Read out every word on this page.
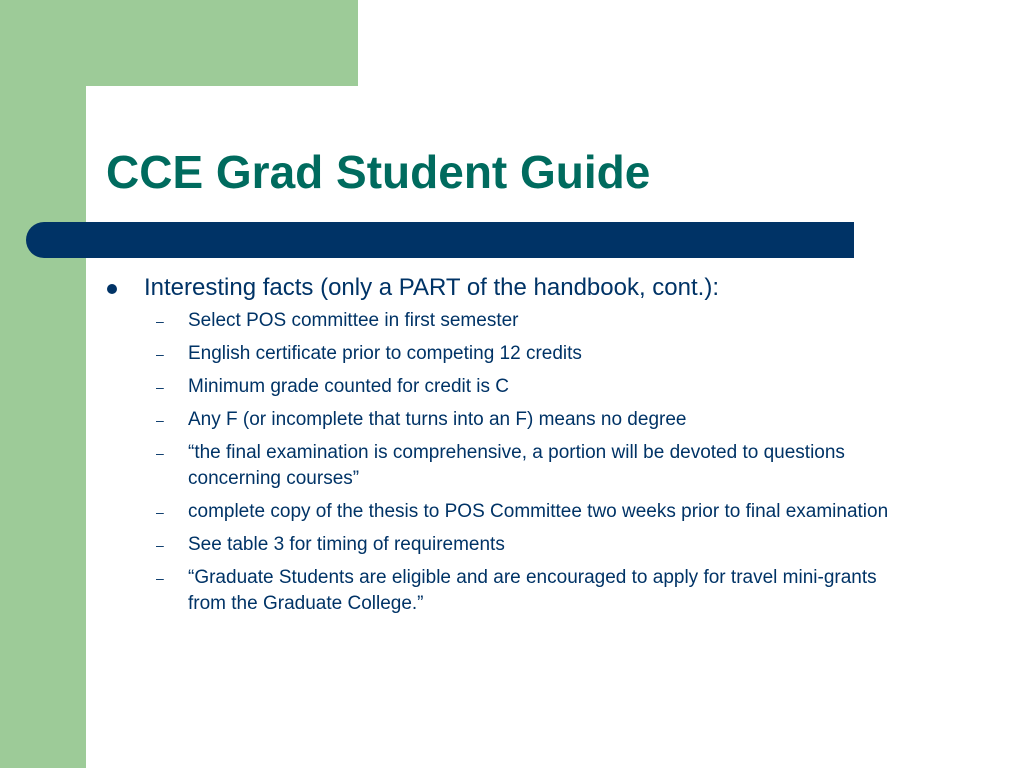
CCE Grad Student Guide
Interesting facts (only a PART of the handbook, cont.):
– Select POS committee in first semester
– English certificate prior to competing 12 credits
– Minimum grade counted for credit is C
– Any F (or incomplete that turns into an F) means no degree
– “the final examination is comprehensive, a portion will be devoted to questions concerning courses”
– complete copy of the thesis to POS Committee two weeks prior to final examination
– See table 3 for timing of requirements
– “Graduate Students are eligible and are encouraged to apply for travel mini-grants from the Graduate College.”
